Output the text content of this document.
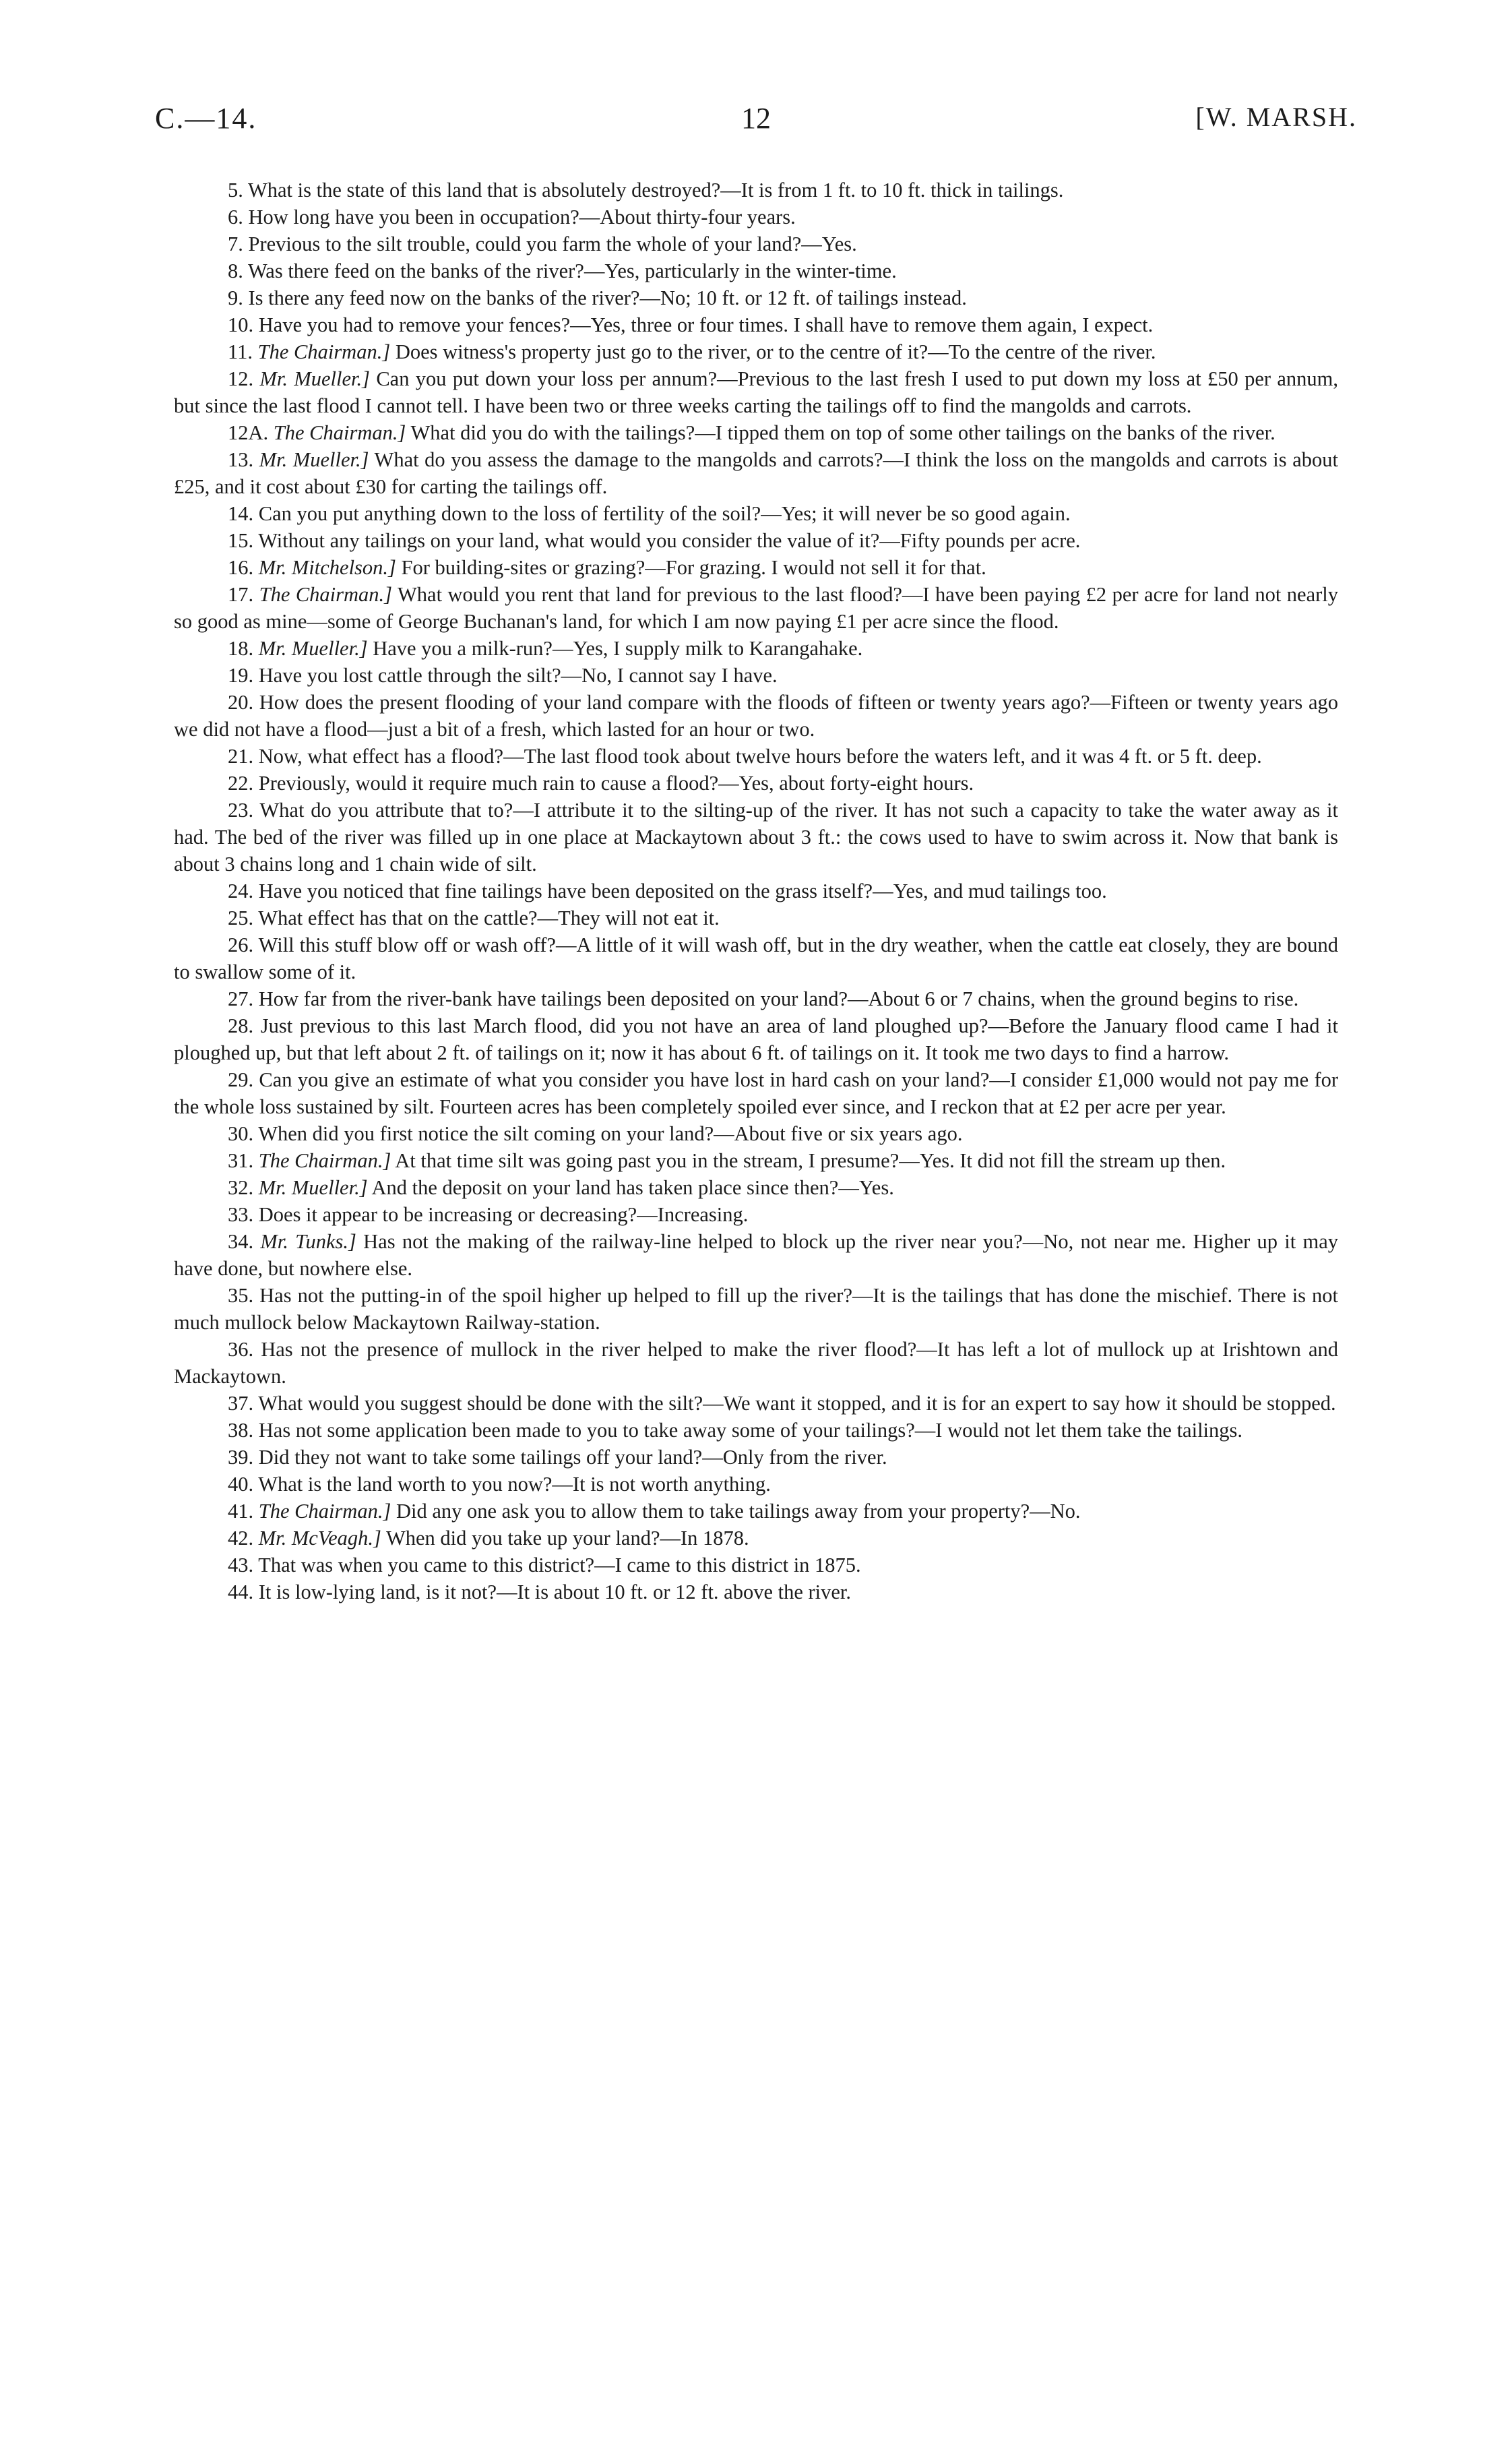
C.—14.	12	[W. MARSH.

5. What is the state of this land that is absolutely destroyed?—It is from 1 ft. to 10 ft. thick in tailings.

6. How long have you been in occupation?—About thirty-four years.

7. Previous to the silt trouble, could you farm the whole of your land?—Yes.

8. Was there feed on the banks of the river?—Yes, particularly in the winter-time.

9. Is there any feed now on the banks of the river?—No; 10 ft. or 12 ft. of tailings instead.

10. Have you had to remove your fences?—Yes, three or four times. I shall have to remove them again, I expect.

11. The Chairman.] Does witness's property just go to the river, or to the centre of it?—To the centre of the river.

12. Mr. Mueller.] Can you put down your loss per annum?—Previous to the last fresh I used to put down my loss at £50 per annum, but since the last flood I cannot tell. I have been two or three weeks carting the tailings off to find the mangolds and carrots.

12A. The Chairman.] What did you do with the tailings?—I tipped them on top of some other tailings on the banks of the river.

13. Mr. Mueller.] What do you assess the damage to the mangolds and carrots?—I think the loss on the mangolds and carrots is about £25, and it cost about £30 for carting the tailings off.

14. Can you put anything down to the loss of fertility of the soil?—Yes; it will never be so good again.

15. Without any tailings on your land, what would you consider the value of it?—Fifty pounds per acre.

16. Mr. Mitchelson.] For building-sites or grazing?—For grazing. I would not sell it for that.

17. The Chairman.] What would you rent that land for previous to the last flood?—I have been paying £2 per acre for land not nearly so good as mine—some of George Buchanan's land, for which I am now paying £1 per acre since the flood.

18. Mr. Mueller.] Have you a milk-run?—Yes, I supply milk to Karangahake.

19. Have you lost cattle through the silt?—No, I cannot say I have.

20. How does the present flooding of your land compare with the floods of fifteen or twenty years ago?—Fifteen or twenty years ago we did not have a flood—just a bit of a fresh, which lasted for an hour or two.

21. Now, what effect has a flood?—The last flood took about twelve hours before the waters left, and it was 4 ft. or 5 ft. deep.

22. Previously, would it require much rain to cause a flood?—Yes, about forty-eight hours.

23. What do you attribute that to?—I attribute it to the silting-up of the river. It has not such a capacity to take the water away as it had. The bed of the river was filled up in one place at Mackaytown about 3 ft.: the cows used to have to swim across it. Now that bank is about 3 chains long and 1 chain wide of silt.

24. Have you noticed that fine tailings have been deposited on the grass itself?—Yes, and mud tailings too.

25. What effect has that on the cattle?—They will not eat it.

26. Will this stuff blow off or wash off?—A little of it will wash off, but in the dry weather, when the cattle eat closely, they are bound to swallow some of it.

27. How far from the river-bank have tailings been deposited on your land?—About 6 or 7 chains, when the ground begins to rise.

28. Just previous to this last March flood, did you not have an area of land ploughed up?—Before the January flood came I had it ploughed up, but that left about 2 ft. of tailings on it; now it has about 6 ft. of tailings on it. It took me two days to find a harrow.

29. Can you give an estimate of what you consider you have lost in hard cash on your land?—I consider £1,000 would not pay me for the whole loss sustained by silt. Fourteen acres has been completely spoiled ever since, and I reckon that at £2 per acre per year.

30. When did you first notice the silt coming on your land?—About five or six years ago.

31. The Chairman.] At that time silt was going past you in the stream, I presume?—Yes. It did not fill the stream up then.

32. Mr. Mueller.] And the deposit on your land has taken place since then?—Yes.

33. Does it appear to be increasing or decreasing?—Increasing.

34. Mr. Tunks.] Has not the making of the railway-line helped to block up the river near you?—No, not near me. Higher up it may have done, but nowhere else.

35. Has not the putting-in of the spoil higher up helped to fill up the river?—It is the tailings that has done the mischief. There is not much mullock below Mackaytown Railway-station.

36. Has not the presence of mullock in the river helped to make the river flood?—It has left a lot of mullock up at Irishtown and Mackaytown.

37. What would you suggest should be done with the silt?—We want it stopped, and it is for an expert to say how it should be stopped.

38. Has not some application been made to you to take away some of your tailings?—I would not let them take the tailings.

39. Did they not want to take some tailings off your land?—Only from the river.

40. What is the land worth to you now?—It is not worth anything.

41. The Chairman.] Did any one ask you to allow them to take tailings away from your property?—No.

42. Mr. McVeagh.] When did you take up your land?—In 1878.

43. That was when you came to this district?—I came to this district in 1875.

44. It is low-lying land, is it not?—It is about 10 ft. or 12 ft. above the river.
